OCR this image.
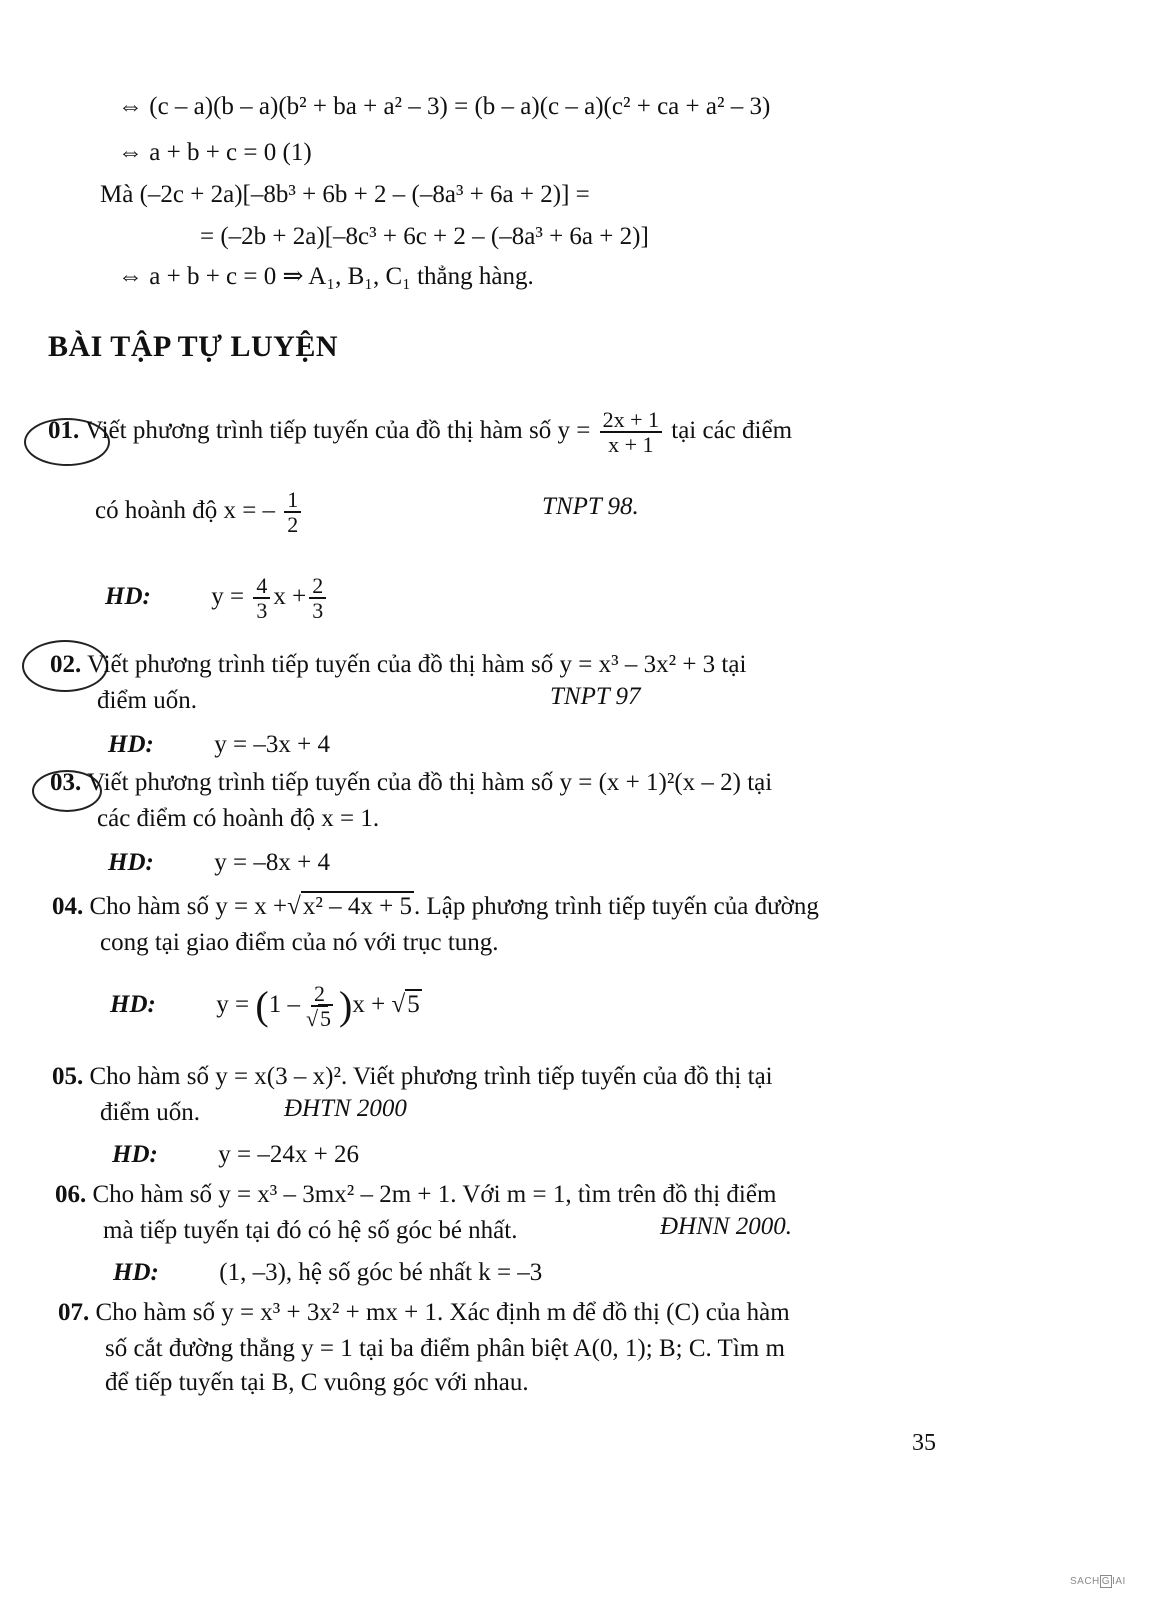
⇔ (c – a)(b – a)(b² + ba + a² – 3) = (b – a)(c – a)(c² + ca + a² – 3)
⇔ a + b + c = 0 (1)
Mà (–2c + 2a)[–8b³ + 6b + 2 – (–8a³ + 6a + 2)] =
= (–2b + 2a)[–8c³ + 6c + 2 – (–8a³ + 6a + 2)]
⇔ a + b + c = 0 ⇒ A₁, B₁, C₁ thẳng hàng.
BÀI TẬP TỰ LUYỆN
01. Viết phương trình tiếp tuyến của đồ thị hàm số $y = \frac{2x + 1}{x + 1}$ tại các điểm
có hoành độ x = – $\frac{1}{2}$	TNPT 98.
HD: $y = \frac{4}{3}$ $x + \frac{2}{3}$
02. Viết phương trình tiếp tuyến của đồ thị hàm số y = x³ – 3x² + 3 tại
điểm uốn.	TNPT 97
HD: y = –3x + 4
03. Viết phương trình tiếp tuyến của đồ thị hàm số y = (x + 1)²(x – 2) tại
các điểm có hoành độ x = 1.
HD: y = –8x + 4
04. Cho hàm số y = x +√x² – 4x + 5. Lập phương trình tiếp tuyến của đường
cong tại giao điểm của nó với trục tung.
HD: $y = (1 - \frac{2}{√5} )x + √5$
05. Cho hàm số y = x(3 – x)². Viết phương trình tiếp tuyến của đồ thị tại
điểm uốn.	ĐHTN 2000
HD: y = –24x + 26
06. Cho hàm số y = x³ – 3mx² – 2m + 1. Với m = 1, tìm trên đồ thị điểm
mà tiếp tuyến tại đó có hệ số góc bé nhất.	ĐHNN 2000.
HD: (1, –3), hệ số góc bé nhất k = –3
07. Cho hàm số y = x³ + 3x² + mx + 1. Xác định m để đồ thị (C) của hàm
số cắt đường thẳng y = 1 tại ba điểm phân biệt A(0, 1); B; C. Tìm m
để tiếp tuyến tại B, C vuông góc với nhau.
35
SACH G IAI
